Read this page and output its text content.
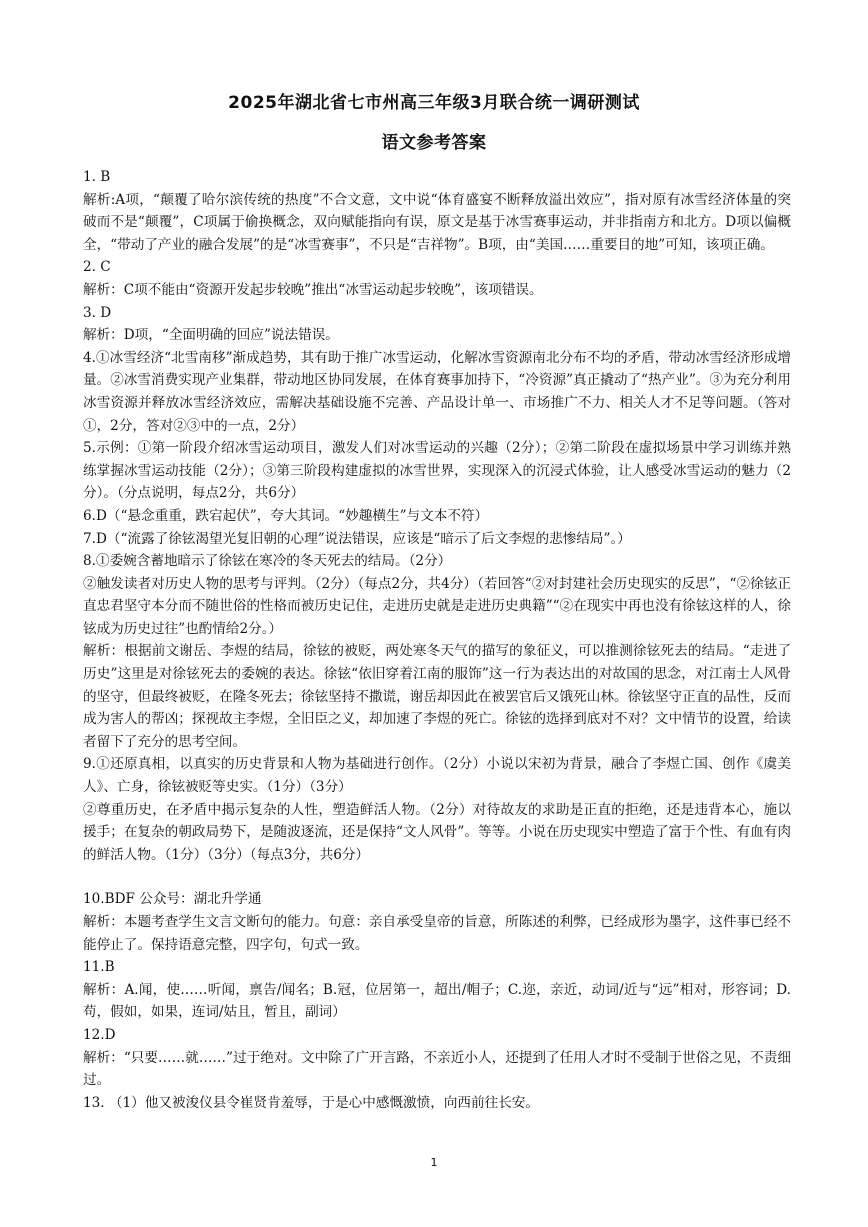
2025年湖北省七市州高三年级3月联合统一调研测试
语文参考答案

1. B

解析:A项，“颠覆了哈尔滨传统的热度”不合文意，文中说“体育盛宴不断释放溢出效应”，指对原有冰雪经济体量的突破而不是“颠覆”，C项属于偷换概念，双向赋能指向有误，原文是基于冰雪赛事运动，并非指南方和北方。D项以偏概全，“带动了产业的融合发展”的是“冰雪赛事”，不只是“吉祥物”。B项，由“美国……重要目的地”可知，该项正确。

2. C

解析：C项不能由“资源开发起步较晚”推出“冰雪运动起步较晚”，该项错误。

3. D

解析：D项，“全面明确的回应”说法错误。

4.①冰雪经济“北雪南移”渐成趋势，其有助于推广冰雪运动，化解冰雪资源南北分布不均的矛盾，带动冰雪经济形成增量。②冰雪消费实现产业集群，带动地区协同发展，在体育赛事加持下，“冷资源”真正撬动了“热产业”。③为充分利用冰雪资源并释放冰雪经济效应，需解决基础设施不完善、产品设计单一、市场推广不力、相关人才不足等问题。（答对①，2分，答对②③中的一点，2分）

5.示例：①第一阶段介绍冰雪运动项目，激发人们对冰雪运动的兴趣（2分）；②第二阶段在虚拟场景中学习训练并熟练掌握冰雪运动技能（2分）；③第三阶段构建虚拟的冰雪世界，实现深入的沉浸式体验，让人感受冰雪运动的魅力（2分）。（分点说明，每点2分，共6分）

6.D（“悬念重重，跌宕起伏”，夸大其词。“妙趣横生”与文本不符）

7.D（“流露了徐铉渴望光复旧朝的心理”说法错误，应该是“暗示了后文李煜的悲惨结局”。）

8.①委婉含蓄地暗示了徐铉在寒冷的冬天死去的结局。（2分）

②触发读者对历史人物的思考与评判。（2分）（每点2分，共4分）（若回答“②对封建社会历史现实的反思”，“②徐铉正直忠君坚守本分而不随世俗的性格而被历史记住，走进历史就是走进历史典籍”“②在现实中再也没有徐铉这样的人，徐铉成为历史过往”也酌情给2分。）

解析：根据前文谢岳、李煜的结局，徐铉的被贬，两处寒冬天气的描写的象征义，可以推测徐铉死去的结局。“走进了历史”这里是对徐铉死去的委婉的表达。徐铉“依旧穿着江南的服饰”这一行为表达出的对故国的思念，对江南士人风骨的坚守，但最终被贬，在隆冬死去；徐铉坚持不撒谎，谢岳却因此在被罢官后又饿死山林。徐铉坚守正直的品性，反而成为害人的帮凶；探视故主李煜，全旧臣之义，却加速了李煜的死亡。徐铉的选择到底对不对？文中情节的设置，给读者留下了充分的思考空间。

9.①还原真相，以真实的历史背景和人物为基础进行创作。（2分）小说以宋初为背景，融合了李煜亡国、创作《虞美人》、亡身，徐铉被贬等史实。（1分）（3分）

②尊重历史，在矛盾中揭示复杂的人性，塑造鲜活人物。（2分）对待故友的求助是正直的拒绝，还是违背本心，施以援手；在复杂的朝政局势下，是随波逐流，还是保持“文人风骨”。等等。小说在历史现实中塑造了富于个性、有血有肉的鲜活人物。（1分）（3分）（每点3分，共6分）

10.BDF 公众号：湖北升学通

解析：本题考查学生文言文断句的能力。句意：亲自承受皇帝的旨意，所陈述的利弊，已经成形为墨字，这件事已经不能停止了。保持语意完整，四字句，句式一致。

11.B

解析：A.闻，使……听闻，禀告/闻名；B.冠，位居第一，超出/帽子；C.迩，亲近，动词/近与“远”相对，形容词；D.苟，假如，如果，连词/姑且，暂且，副词）

12.D

解析：“只要……就……”过于绝对。文中除了广开言路，不亲近小人，还提到了任用人才时不受制于世俗之见，不责细过。

13. （1）他又被浚仪县令崔贤肯羞辱，于是心中感慨激愤，向西前往长安。

1
